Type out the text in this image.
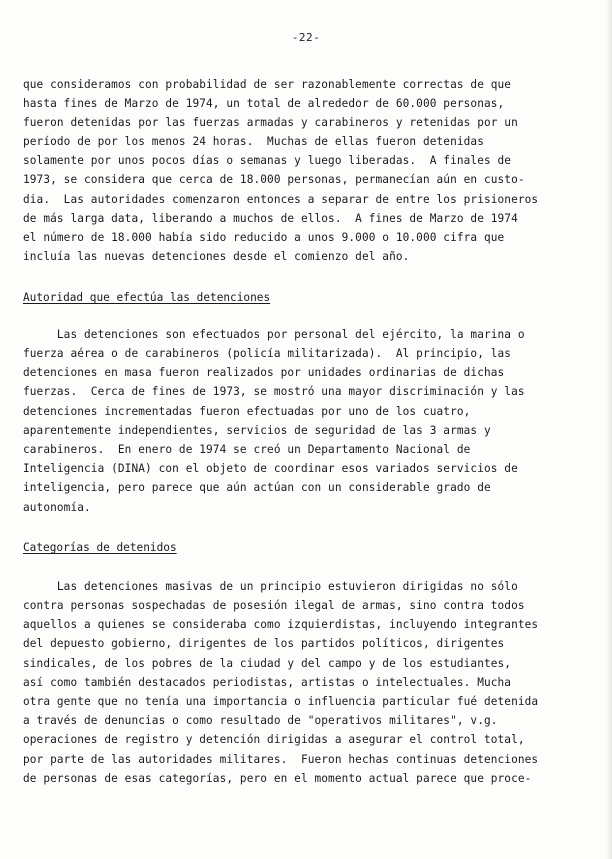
-22-
que consideramos con probabilidad de ser razonablemente correctas de que
hasta fines de Marzo de 1974, un total de alrededor de 60.000 personas,
fueron detenidas por las fuerzas armadas y carabineros y retenidas por un
período de por los menos 24 horas.  Muchas de ellas fueron detenidas
solamente por unos pocos días o semanas y luego liberadas.  A finales de
1973, se considera que cerca de 18.000 personas, permanecían aún en custo-
dia.  Las autoridades comenzaron entonces a separar de entre los prisioneros
de más larga data, liberando a muchos de ellos.  A fines de Marzo de 1974
el número de 18.000 había sido reducido a unos 9.000 o 10.000 cifra que
incluía las nuevas detenciones desde el comienzo del año.
Autoridad que efectúa las detenciones
Las detenciones son efectuados por personal del ejército, la marina o
fuerza aérea o de carabineros (policía militarizada).  Al principio, las
detenciones en masa fueron realizados por unidades ordinarias de dichas
fuerzas.  Cerca de fines de 1973, se mostró una mayor discriminación y las
detenciones incrementadas fueron efectuadas por uno de los cuatro,
aparentemente independientes, servicios de seguridad de las 3 armas y
carabineros.  En enero de 1974 se creó un Departamento Nacional de
Inteligencia (DINA) con el objeto de coordinar esos variados servicios de
inteligencia, pero parece que aún actúan con un considerable grado de
autonomía.
Categorías de detenidos
Las detenciones masivas de un principio estuvieron dirigidas no sólo
contra personas sospechadas de posesión ilegal de armas, sino contra todos
aquellos a quienes se consideraba como izquierdistas, incluyendo integrantes
del depuesto gobierno, dirigentes de los partidos políticos, dirigentes
sindicales, de los pobres de la ciudad y del campo y de los estudiantes,
así como también destacados periodistas, artistas o intelectuales. Mucha
otra gente que no tenía una importancia o influencia particular fué detenida
a través de denuncias o como resultado de "operativos militares", v.g.
operaciones de registro y detención dirigidas a asegurar el control total,
por parte de las autoridades militares.  Fueron hechas continuas detenciones
de personas de esas categorías, pero en el momento actual parece que proce-
